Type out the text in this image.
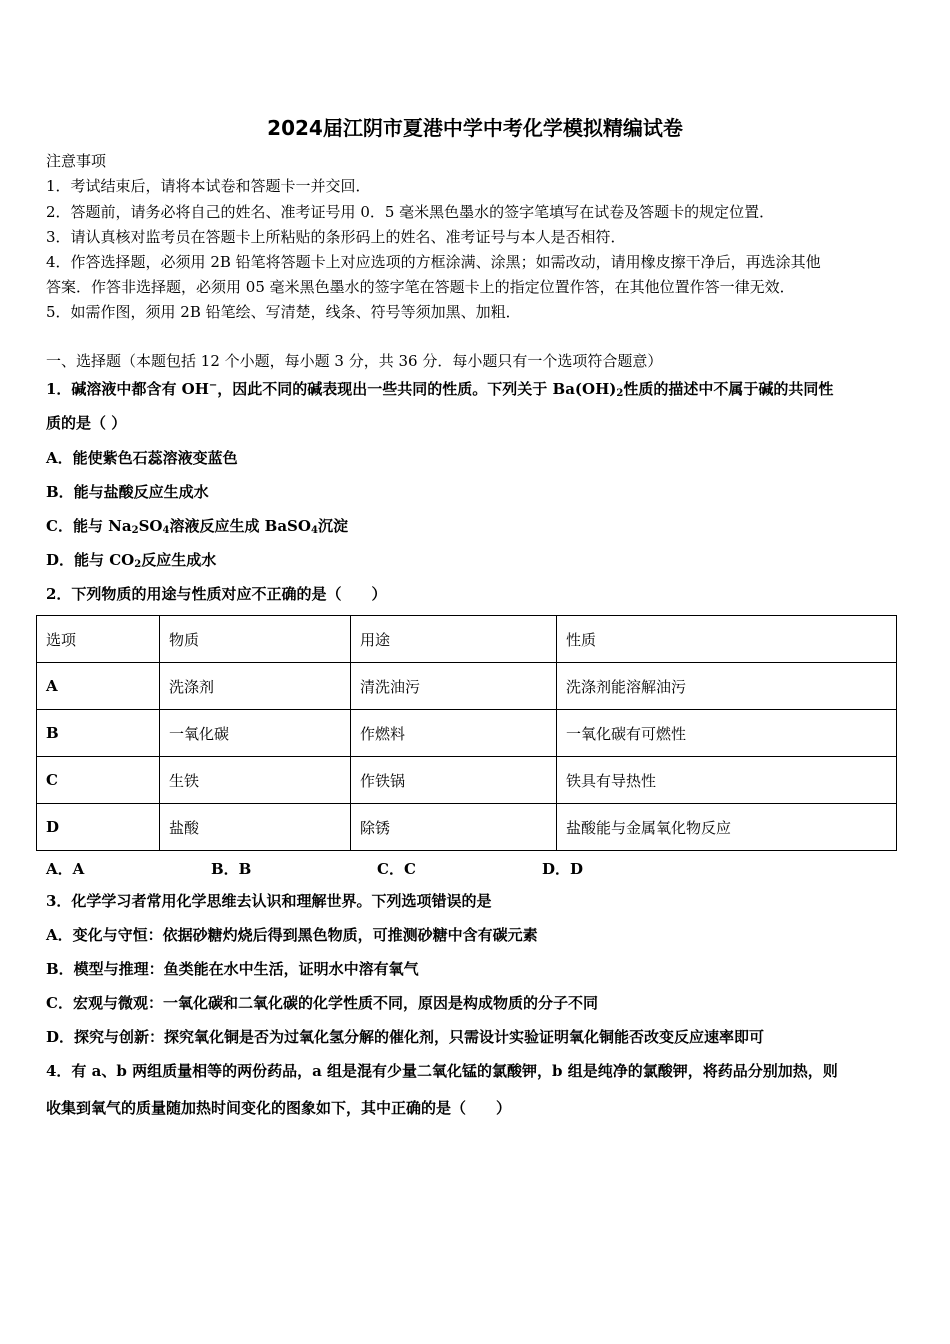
2024届江阴市夏港中学中考化学模拟精编试卷
注意事项
1．考试结束后，请将本试卷和答题卡一并交回．
2．答题前，请务必将自己的姓名、准考证号用 0．5 毫米黑色墨水的签字笔填写在试卷及答题卡的规定位置．
3．请认真核对监考员在答题卡上所粘贴的条形码上的姓名、准考证号与本人是否相符．
4．作答选择题，必须用 2B 铅笔将答题卡上对应选项的方框涂满、涂黑；如需改动，请用橡皮擦干净后，再选涂其他
答案．作答非选择题，必须用 05 毫米黑色墨水的签字笔在答题卡上的指定位置作答，在其他位置作答一律无效．
5．如需作图，须用 2B 铅笔绘、写清楚，线条、符号等须加黑、加粗．
一、选择题（本题包括 12 个小题，每小题 3 分，共 36 分．每小题只有一个选项符合题意）
1．碱溶液中都含有 OH−，因此不同的碱表现出一些共同的性质。下列关于 $Ba(OH)_2$性质的描述中不属于碱的共同性
质的是（ ）
A．能使紫色石蕊溶液变蓝色
B．能与盐酸反应生成水
C．能与 $Na_2SO_4$溶液反应生成 BaSO$_4$沉淀
D．能与 $CO_2$反应生成水
2．下列物质的用途与性质对应不正确的是（　　）
选项	物质	用途	性质
A	洗涤剂	清洗油污	洗涤剂能溶解油污
B	一氧化碳	作燃料	一氧化碳有可燃性
C	生铁	作铁锅	铁具有导热性
D	盐酸	除锈	盐酸能与金属氧化物反应
A．A	B．B	C．C	D．D
3．化学学习者常用化学思维去认识和理解世界。下列选项错误的是
A．变化与守恒：依据砂糖灼烧后得到黑色物质，可推测砂糖中含有碳元素
B．模型与推理：鱼类能在水中生活，证明水中溶有氧气
C．宏观与微观：一氧化碳和二氧化碳的化学性质不同，原因是构成物质的分子不同
D．探究与创新：探究氧化铜是否为过氧化氢分解的催化剂，只需设计实验证明氧化铜能否改变反应速率即可
4．有 a、b 两组质量相等的两份药品，a 组是混有少量二氧化锰的氯酸钾，b 组是纯净的氯酸钾，将药品分别加热，则
收集到氧气的质量随加热时间变化的图象如下，其中正确的是（　　）
